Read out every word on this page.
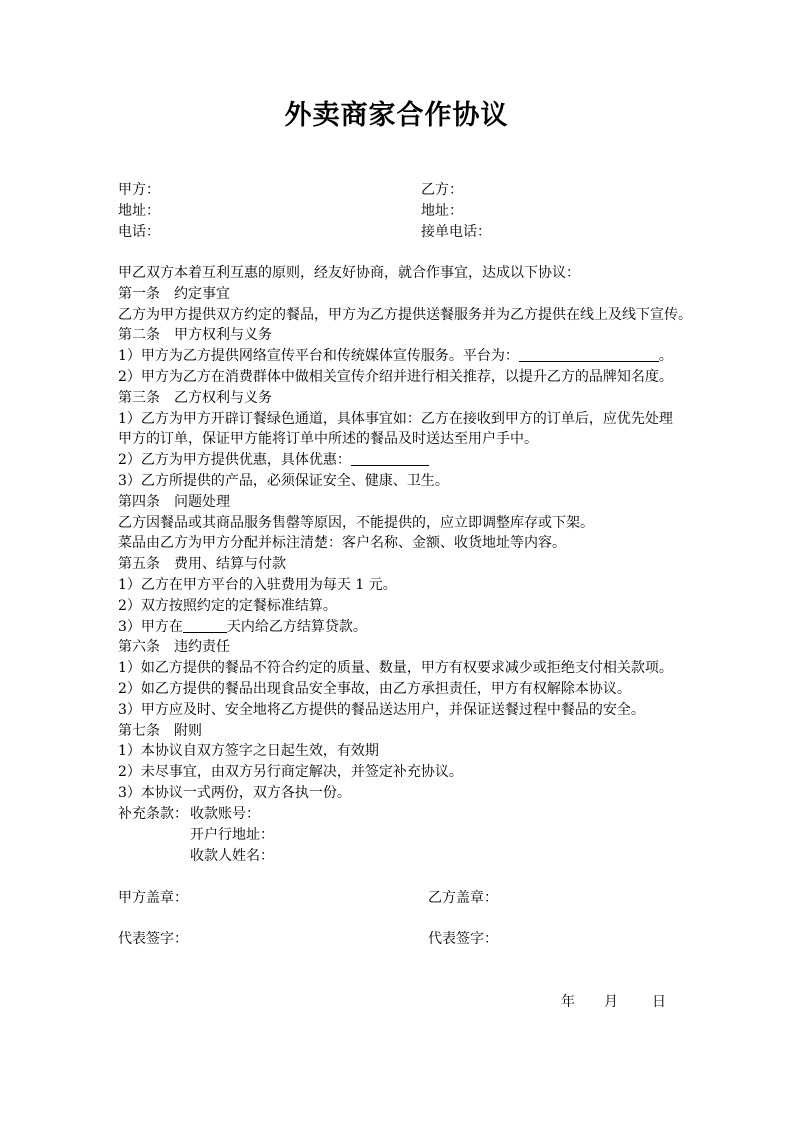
外卖商家合作协议
甲方：	乙方：
地址：	地址：
电话：	接单电话：
甲乙双方本着互利互惠的原则，经友好协商，就合作事宜，达成以下协议：
第一条　约定事宜
乙方为甲方提供双方约定的餐品，甲方为乙方提供送餐服务并为乙方提供在线上及线下宣传。
第二条　甲方权利与义务
1）甲方为乙方提供网络宣传平台和传统媒体宣传服务。平台为：	。
2）甲方为乙方在消费群体中做相关宣传介绍并进行相关推荐，以提升乙方的品牌知名度。
第三条　乙方权利与义务
1）乙方为甲方开辟订餐绿色通道，具体事宜如：乙方在接收到甲方的订单后，应优先处理
甲方的订单，保证甲方能将订单中所述的餐品及时送达至用户手中。
2）乙方为甲方提供优惠，具体优惠：
3）乙方所提供的产品，必须保证安全、健康、卫生。
第四条　问题处理
乙方因餐品或其商品服务售罄等原因，不能提供的，应立即调整库存或下架。
菜品由乙方为甲方分配并标注清楚：客户名称、金额、收货地址等内容。
第五条　费用、结算与付款
1）乙方在甲方平台的入驻费用为每天 1 元。
2）双方按照约定的定餐标准结算。
3）甲方在	天内给乙方结算贷款。
第六条　违约责任
1）如乙方提供的餐品不符合约定的质量、数量，甲方有权要求减少或拒绝支付相关款项。
2）如乙方提供的餐品出现食品安全事故，由乙方承担责任，甲方有权解除本协议。
3）甲方应及时、安全地将乙方提供的餐品送达用户，并保证送餐过程中餐品的安全。
第七条　附则
1）本协议自双方签字之日起生效，有效期
2）未尽事宜，由双方另行商定解决，并签定补充协议。
3）本协议一式两份，双方各执一份。
补充条款： 收款账号：
开户行地址：
收款人姓名：
甲方盖章：	乙方盖章：
代表签字：	代表签字：
年 月 日
